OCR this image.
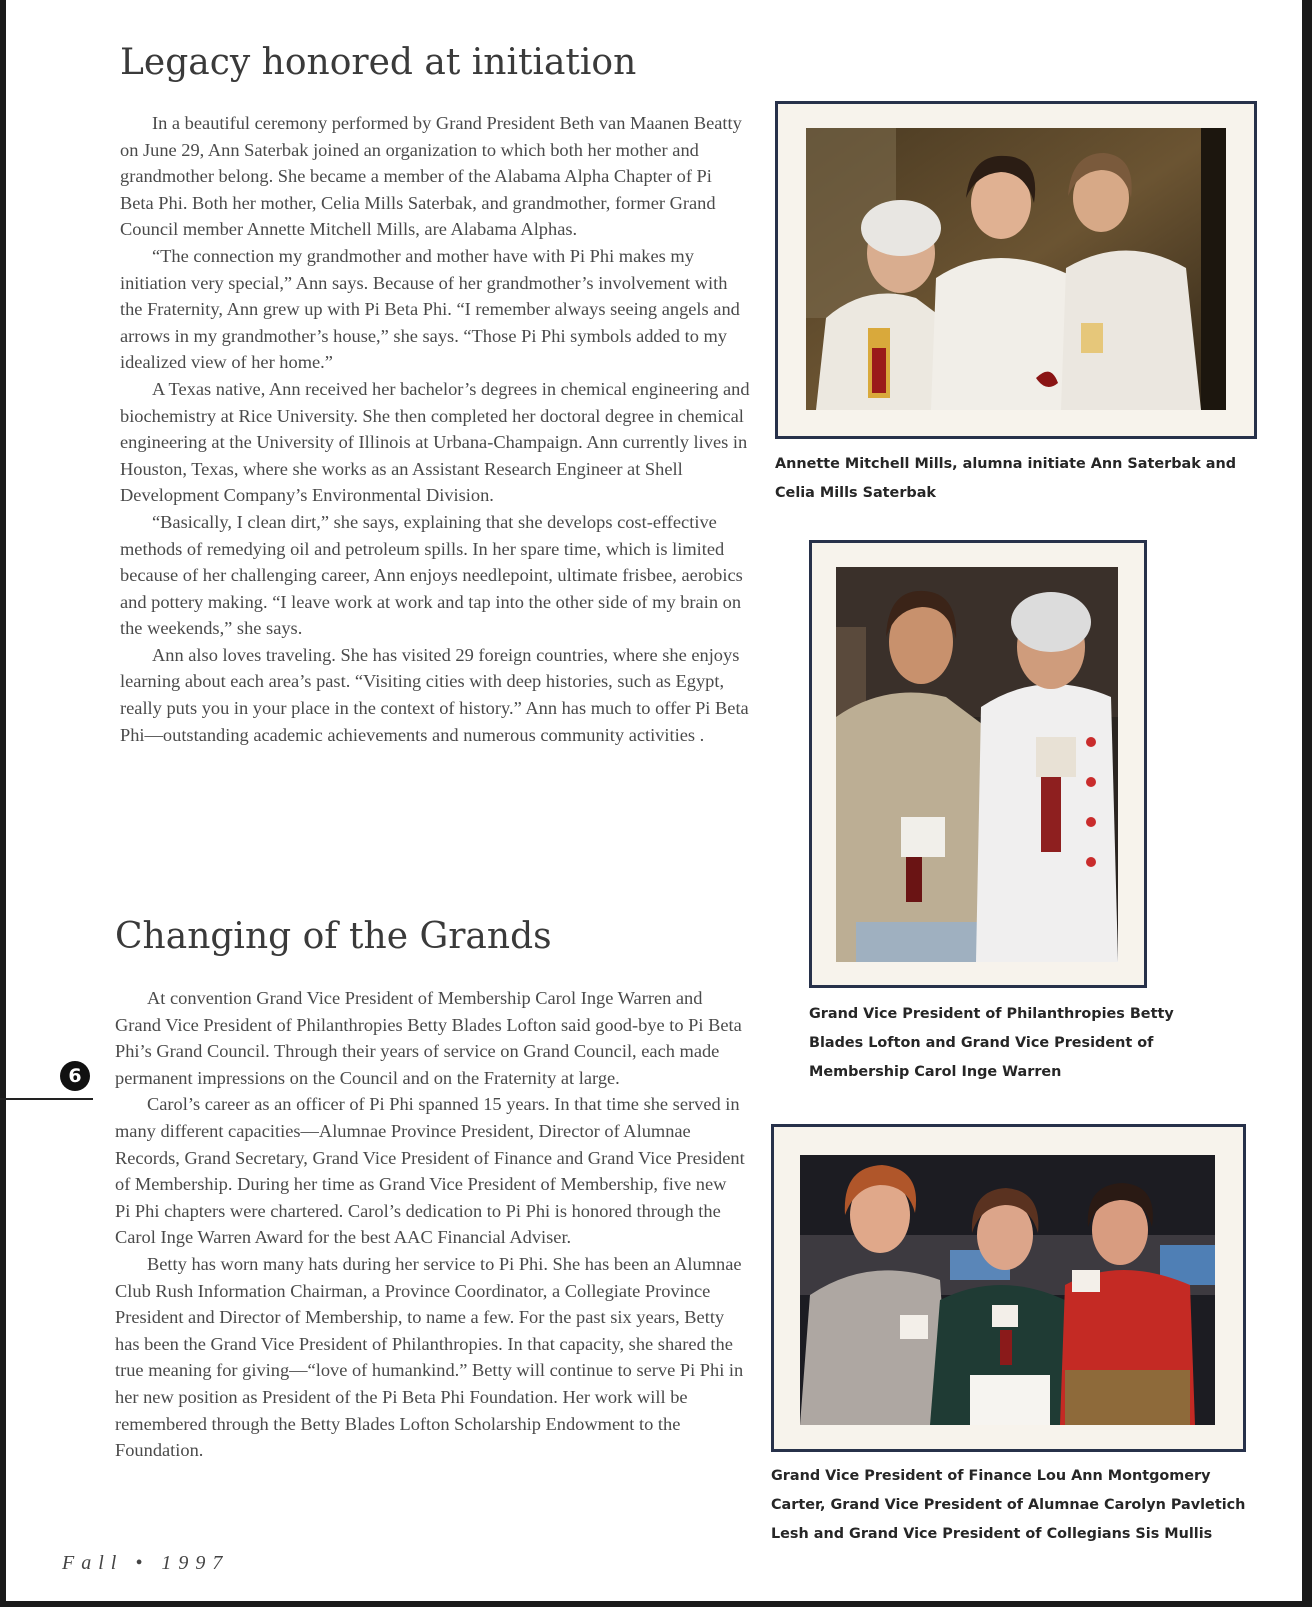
Legacy honored at initiation

In a beautiful ceremony performed by Grand President Beth van Maanen Beatty on June 29, Ann Saterbak joined an organization to which both her mother and grandmother belong. She became a member of the Alabama Alpha Chapter of Pi Beta Phi. Both her mother, Celia Mills Saterbak, and grandmother, former Grand Council member Annette Mitchell Mills, are Alabama Alphas.

“The connection my grandmother and mother have with Pi Phi makes my initiation very special,” Ann says. Because of her grandmother’s involvement with the Fraternity, Ann grew up with Pi Beta Phi. “I remember always seeing angels and arrows in my grandmother’s house,” she says. “Those Pi Phi symbols added to my idealized view of her home.”

A Texas native, Ann received her bachelor’s degrees in chemical engineering and biochemistry at Rice University. She then completed her doctoral degree in chemical engineering at the University of Illinois at Urbana-Champaign. Ann currently lives in Houston, Texas, where she works as an Assistant Research Engineer at Shell Development Company’s Environmental Division.

“Basically, I clean dirt,” she says, explaining that she develops cost-effective methods of remedying oil and petroleum spills. In her spare time, which is limited because of her challenging career, Ann enjoys needlepoint, ultimate frisbee, aerobics and pottery making. “I leave work at work and tap into the other side of my brain on the weekends,” she says.

Ann also loves traveling. She has visited 29 foreign countries, where she enjoys learning about each area’s past. “Visiting cities with deep histories, such as Egypt, really puts you in your place in the context of history.” Ann has much to offer Pi Beta Phi—outstanding academic achievements and numerous community activities .

Changing of the Grands

At convention Grand Vice President of Membership Carol Inge Warren and Grand Vice President of Philanthropies Betty Blades Lofton said good-bye to Pi Beta Phi’s Grand Council. Through their years of service on Grand Council, each made permanent impressions on the Council and on the Fraternity at large.

Carol’s career as an officer of Pi Phi spanned 15 years. In that time she served in many different capacities—Alumnae Province President, Director of Alumnae Records, Grand Secretary, Grand Vice President of Finance and Grand Vice President of Membership. During her time as Grand Vice President of Membership, five new Pi Phi chapters were chartered. Carol’s dedication to Pi Phi is honored through the Carol Inge Warren Award for the best AAC Financial Adviser.

Betty has worn many hats during her service to Pi Phi. She has been an Alumnae Club Rush Information Chairman, a Province Coordinator, a Collegiate Province President and Director of Membership, to name a few. For the past six years, Betty has been the Grand Vice President of Philanthropies. In that capacity, she shared the true meaning for giving—“love of humankind.” Betty will continue to serve Pi Phi in her new position as President of the Pi Beta Phi Foundation. Her work will be remembered through the Betty Blades Lofton Scholarship Endowment to the Foundation.

Annette Mitchell Mills, alumna initiate Ann Saterbak and Celia Mills Saterbak
Grand Vice President of Philanthropies Betty Blades Lofton and Grand Vice President of Membership Carol Inge Warren
Grand Vice President of Finance Lou Ann Montgomery Carter, Grand Vice President of Alumnae Carolyn Pavletich Lesh and Grand Vice President of Collegians Sis Mullis
6
Fall • 1997
